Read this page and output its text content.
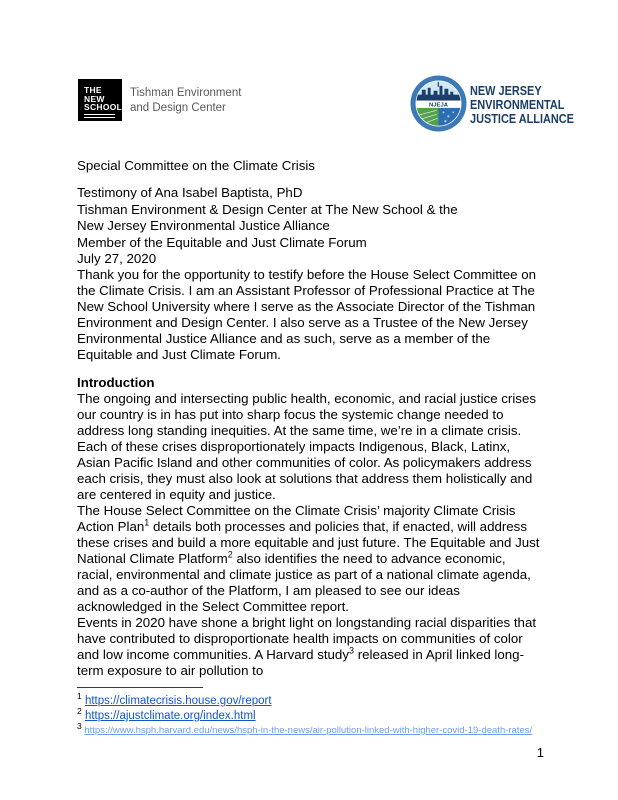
THE
NEW
SCHOOL
Tishman Environment
and Design Center	NJEJA
NEW JERSEY
ENVIRONMENTAL
JUSTICE ALLIANCE

Special Committee on the Climate Crisis

Testimony of Ana Isabel Baptista, PhD
Tishman Environment & Design Center at The New School & the
New Jersey Environmental Justice Alliance
Member of the Equitable and Just Climate Forum

July 27, 2020

Thank you for the opportunity to testify before the House Select Committee on the Climate Crisis. I am an Assistant Professor of Professional Practice at The New School University where I serve as the Associate Director of the Tishman Environment and Design Center. I also serve as a Trustee of the New Jersey Environmental Justice Alliance and as such, serve as a member of the Equitable and Just Climate Forum.

Introduction

The ongoing and intersecting public health, economic, and racial justice crises our country is in has put into sharp focus the systemic change needed to address long standing inequities. At the same time, we’re in a climate crisis. Each of these crises disproportionately impacts Indigenous, Black, Latinx, Asian Pacific Island and other communities of color. As policymakers address each crisis, they must also look at solutions that address them holistically and are centered in equity and justice.

The House Select Committee on the Climate Crisis’ majority Climate Crisis Action Plan$^1$ details both processes and policies that, if enacted, will address these crises and build a more equitable and just future. The Equitable and Just National Climate Platform$^2$ also identifies the need to advance economic, racial, environmental and climate justice as part of a national climate agenda, and as a co-author of the Platform, I am pleased to see our ideas acknowledged in the Select Committee report.

Events in 2020 have shone a bright light on longstanding racial disparities that have contributed to disproportionate health impacts on communities of color and low income communities. A Harvard study$^3$ released in April linked long-term exposure to air pollution to

$^1$ https://climatecrisis.house.gov/report
$^2$ https://ajustclimate.org/index.html
$^3$ https://www.hsph.harvard.edu/news/hsph-in-the-news/air-pollution-linked-with-higher-covid-19-death-rates/
1
